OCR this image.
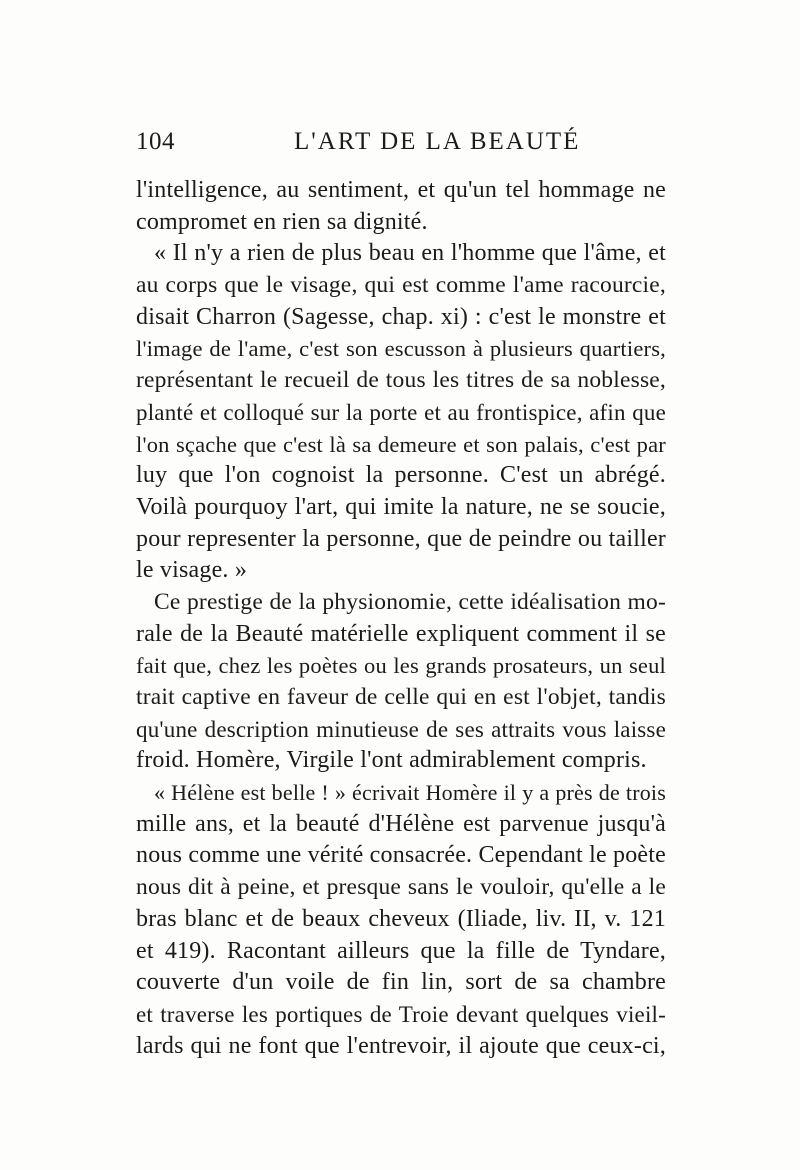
104	L'ART DE LA BEAUTÉ
l'intelligence, au sentiment, et qu'un tel hommage ne
compromet en rien sa dignité.
« Il n'y a rien de plus beau en l'homme que l'âme, et
au corps que le visage, qui est comme l'ame racourcie,
disait Charron (Sagesse, chap. xi) : c'est le monstre et
l'image de l'ame, c'est son escusson à plusieurs quartiers,
représentant le recueil de tous les titres de sa noblesse,
planté et colloqué sur la porte et au frontispice, afin que
l'on sçache que c'est là sa demeure et son palais, c'est par
luy que l'on cognoist la personne. C'est un abrégé.
Voilà pourquoy l'art, qui imite la nature, ne se soucie,
pour representer la personne, que de peindre ou tailler
le visage. »
Ce prestige de la physionomie, cette idéalisation mo-
rale de la Beauté matérielle expliquent comment il se
fait que, chez les poètes ou les grands prosateurs, un seul
trait captive en faveur de celle qui en est l'objet, tandis
qu'une description minutieuse de ses attraits vous laisse
froid. Homère, Virgile l'ont admirablement compris.
« Hélène est belle ! » écrivait Homère il y a près de trois
mille ans, et la beauté d'Hélène est parvenue jusqu'à
nous comme une vérité consacrée. Cependant le poète
nous dit à peine, et presque sans le vouloir, qu'elle a le
bras blanc et de beaux cheveux (Iliade, liv. II, v. 121
et 419). Racontant ailleurs que la fille de Tyndare,
couverte d'un voile de fin lin, sort de sa chambre
et traverse les portiques de Troie devant quelques vieil-
lards qui ne font que l'entrevoir, il ajoute que ceux-ci,
